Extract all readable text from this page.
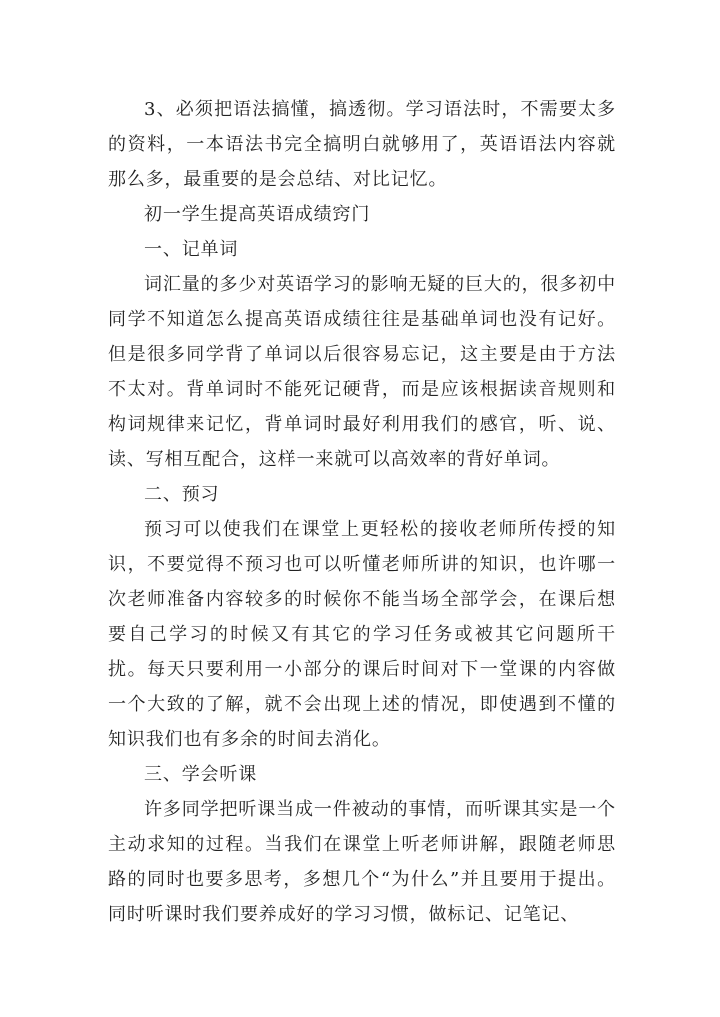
3、必须把语法搞懂，搞透彻。学习语法时，不需要太多的资料，一本语法书完全搞明白就够用了，英语语法内容就那么多，最重要的是会总结、对比记忆。

初一学生提高英语成绩窍门

一、记单词

词汇量的多少对英语学习的影响无疑的巨大的，很多初中同学不知道怎么提高英语成绩往往是基础单词也没有记好。但是很多同学背了单词以后很容易忘记，这主要是由于方法不太对。背单词时不能死记硬背，而是应该根据读音规则和构词规律来记忆，背单词时最好利用我们的感官，听、说、读、写相互配合，这样一来就可以高效率的背好单词。

二、预习

预习可以使我们在课堂上更轻松的接收老师所传授的知识，不要觉得不预习也可以听懂老师所讲的知识，也许哪一次老师准备内容较多的时候你不能当场全部学会，在课后想要自己学习的时候又有其它的学习任务或被其它问题所干扰。每天只要利用一小部分的课后时间对下一堂课的内容做一个大致的了解，就不会出现上述的情况，即使遇到不懂的知识我们也有多余的时间去消化。

三、学会听课

许多同学把听课当成一件被动的事情，而听课其实是一个主动求知的过程。当我们在课堂上听老师讲解，跟随老师思路的同时也要多思考，多想几个“为什么”并且要用于提出。同时听课时我们要养成好的学习习惯，做标记、记笔记、
